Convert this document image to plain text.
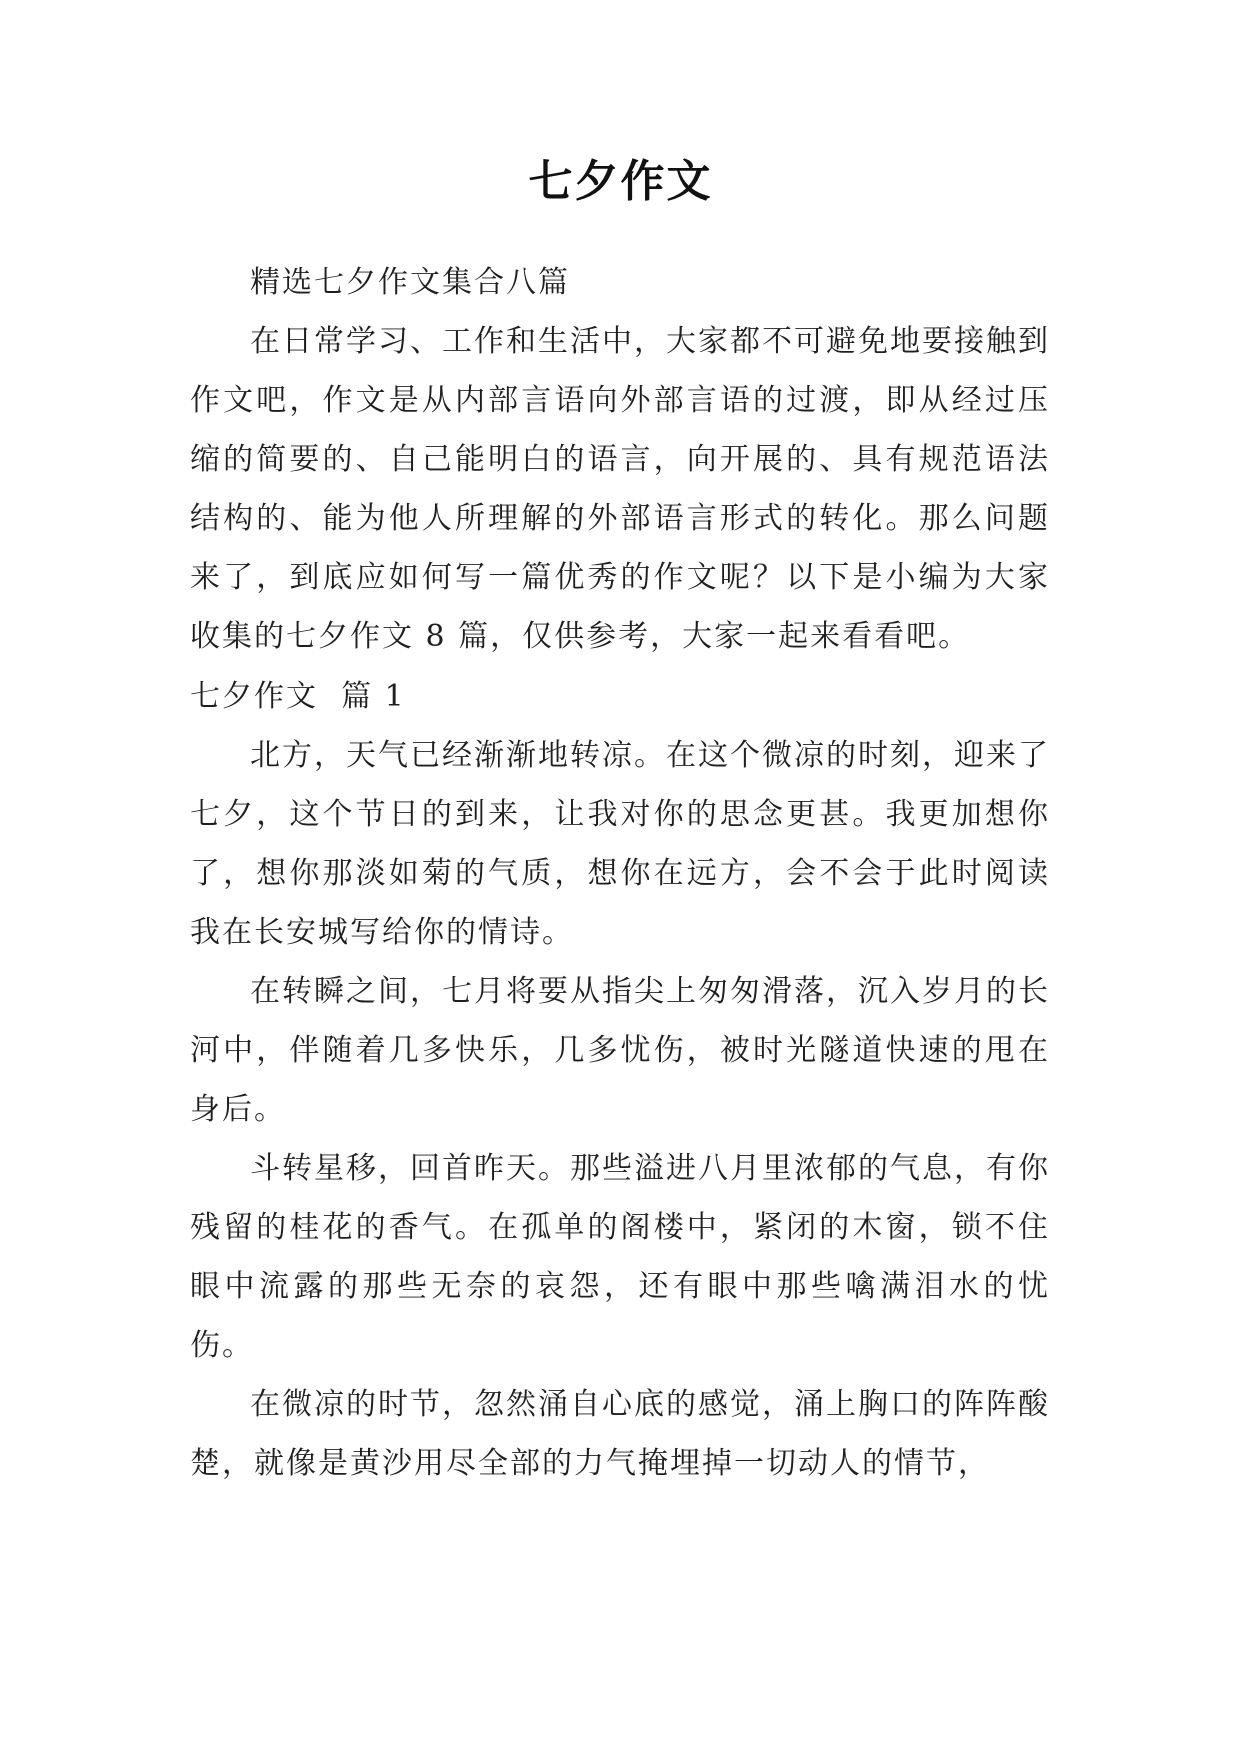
七夕作文

精选七夕作文集合八篇

在日常学习、工作和生活中，大家都不可避免地要接触到作文吧，作文是从内部言语向外部言语的过渡，即从经过压缩的简要的、自己能明白的语言，向开展的、具有规范语法结构的、能为他人所理解的外部语言形式的转化。那么问题来了，到底应如何写一篇优秀的作文呢？以下是小编为大家收集的七夕作文 8 篇，仅供参考，大家一起来看看吧。

七夕作文  篇 1

北方，天气已经渐渐地转凉。在这个微凉的时刻，迎来了七夕，这个节日的到来，让我对你的思念更甚。我更加想你了，想你那淡如菊的气质，想你在远方，会不会于此时阅读我在长安城写给你的情诗。

在转瞬之间，七月将要从指尖上匆匆滑落，沉入岁月的长河中，伴随着几多快乐，几多忧伤，被时光隧道快速的甩在身后。

斗转星移，回首昨天。那些溢进八月里浓郁的气息，有你残留的桂花的香气。在孤单的阁楼中，紧闭的木窗，锁不住眼中流露的那些无奈的哀怨，还有眼中那些噙满泪水的忧伤。

在微凉的时节，忽然涌自心底的感觉，涌上胸口的阵阵酸楚，就像是黄沙用尽全部的力气掩埋掉一切动人的情节，
